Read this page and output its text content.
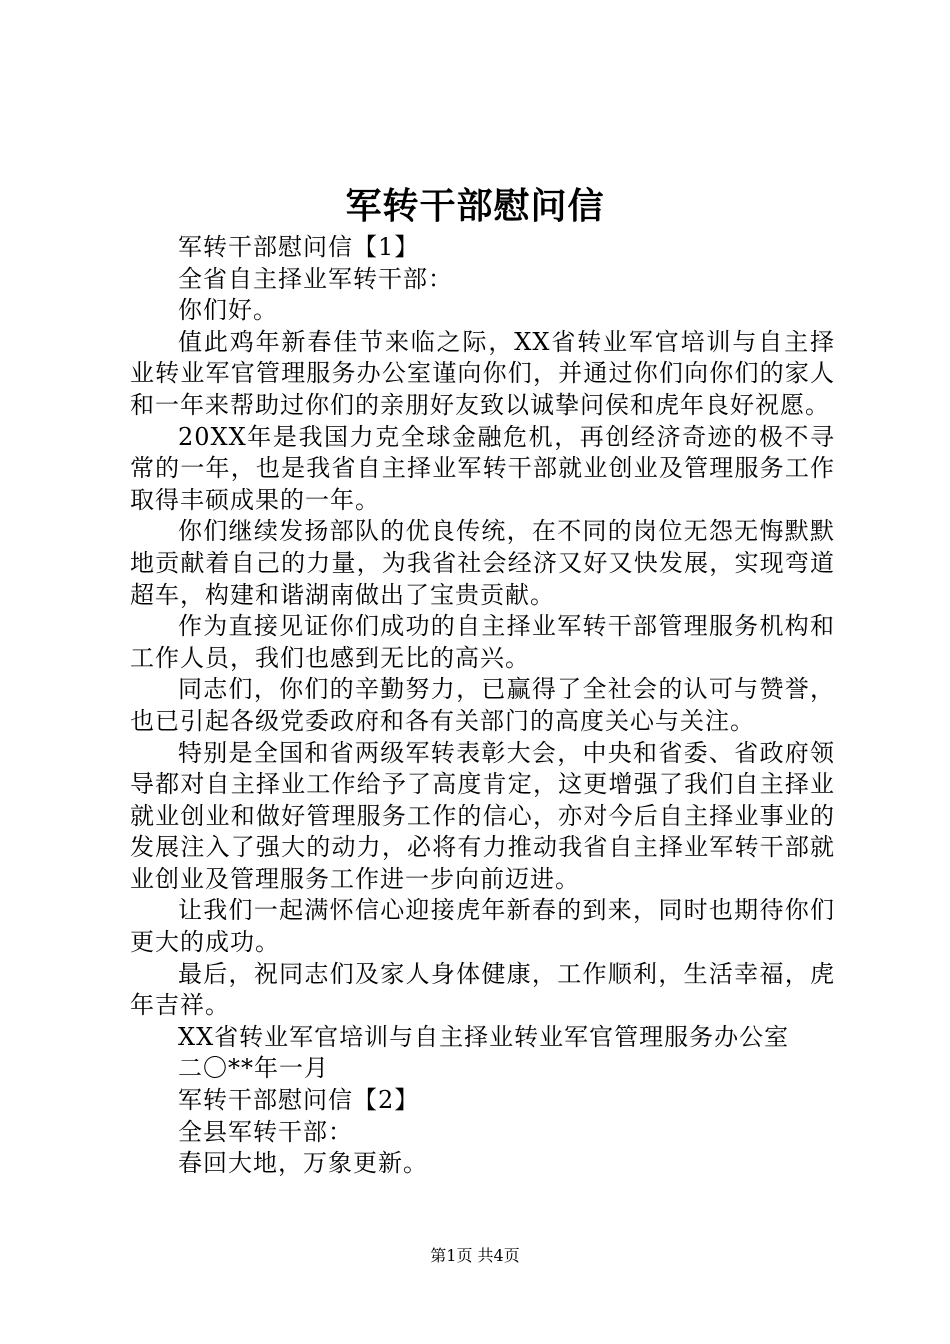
军转干部慰问信

军转干部慰问信【1】

全省自主择业军转干部：

你们好。

值此鸡年新春佳节来临之际，XX省转业军官培训与自主择业转业军官管理服务办公室谨向你们，并通过你们向你们的家人和一年来帮助过你们的亲朋好友致以诚挚问侯和虎年良好祝愿。

20XX年是我国力克全球金融危机，再创经济奇迹的极不寻常的一年，也是我省自主择业军转干部就业创业及管理服务工作取得丰硕成果的一年。

你们继续发扬部队的优良传统，在不同的岗位无怨无悔默默地贡献着自己的力量，为我省社会经济又好又快发展，实现弯道超车，构建和谐湖南做出了宝贵贡献。

作为直接见证你们成功的自主择业军转干部管理服务机构和工作人员，我们也感到无比的高兴。

同志们，你们的辛勤努力，已赢得了全社会的认可与赞誉，也已引起各级党委政府和各有关部门的高度关心与关注。

特别是全国和省两级军转表彰大会，中央和省委、省政府领导都对自主择业工作给予了高度肯定，这更增强了我们自主择业就业创业和做好管理服务工作的信心，亦对今后自主择业事业的发展注入了强大的动力，必将有力推动我省自主择业军转干部就业创业及管理服务工作进一步向前迈进。

让我们一起满怀信心迎接虎年新春的到来，同时也期待你们更大的成功。

最后，祝同志们及家人身体健康，工作顺利，生活幸福，虎年吉祥。

XX省转业军官培训与自主择业转业军官管理服务办公室

二〇**年一月

军转干部慰问信【2】

全县军转干部：

春回大地，万象更新。

第1页 共4页
